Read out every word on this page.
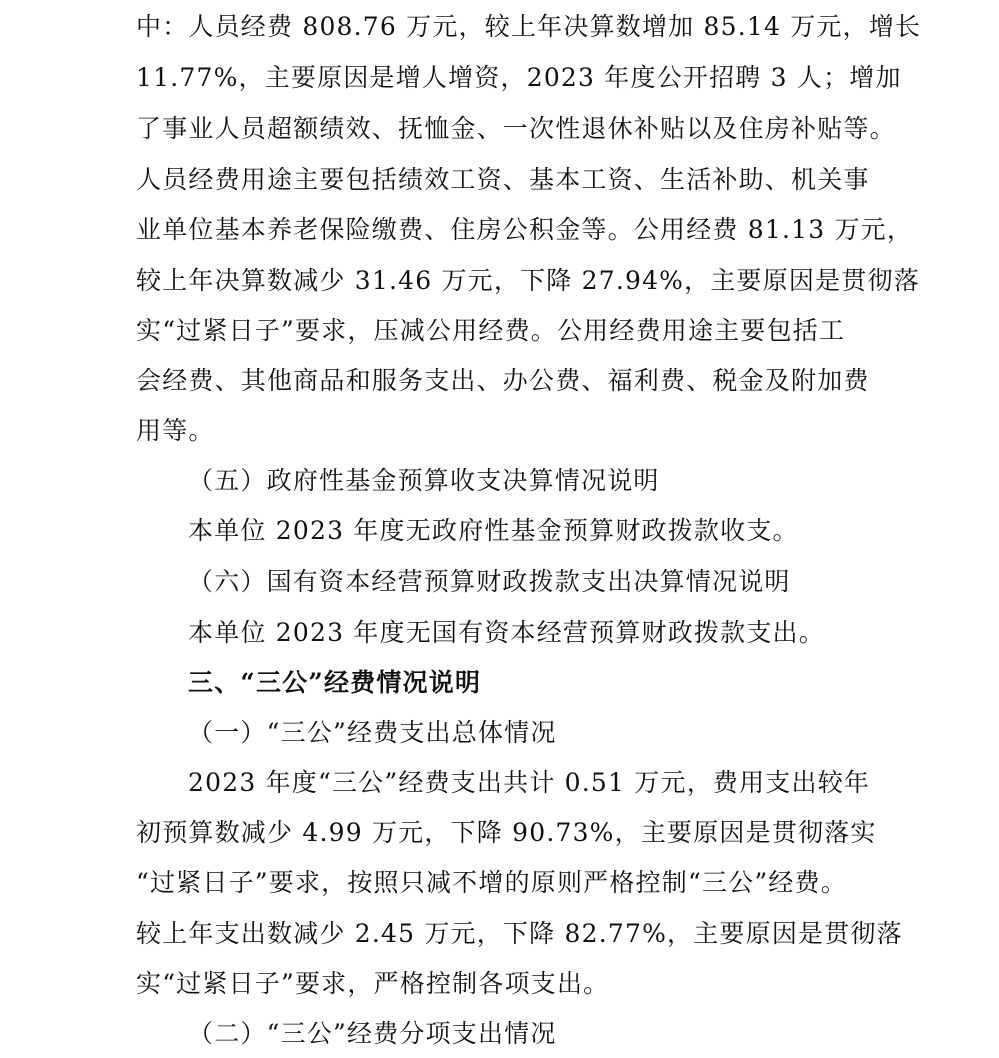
中：人员经费 808.76 万元，较上年决算数增加 85.14 万元，增长
11.77%，主要原因是增人增资，2023 年度公开招聘 3 人；增加
了事业人员超额绩效、抚恤金、一次性退休补贴以及住房补贴等。
人员经费用途主要包括绩效工资、基本工资、生活补助、机关事
业单位基本养老保险缴费、住房公积金等。公用经费 81.13 万元，
较上年决算数减少 31.46 万元，下降 27.94%，主要原因是贯彻落
实“过紧日子”要求，压减公用经费。公用经费用途主要包括工
会经费、其他商品和服务支出、办公费、福利费、税金及附加费
用等。
（五）政府性基金预算收支决算情况说明
本单位 2023 年度无政府性基金预算财政拨款收支。
（六）国有资本经营预算财政拨款支出决算情况说明
本单位 2023 年度无国有资本经营预算财政拨款支出。
三、“三公”经费情况说明
（一）“三公”经费支出总体情况
2023 年度“三公”经费支出共计 0.51 万元，费用支出较年
初预算数减少 4.99 万元，下降 90.73%，主要原因是贯彻落实
“过紧日子”要求，按照只减不增的原则严格控制“三公”经费。
较上年支出数减少 2.45 万元，下降 82.77%，主要原因是贯彻落
实“过紧日子”要求，严格控制各项支出。
（二）“三公”经费分项支出情况
